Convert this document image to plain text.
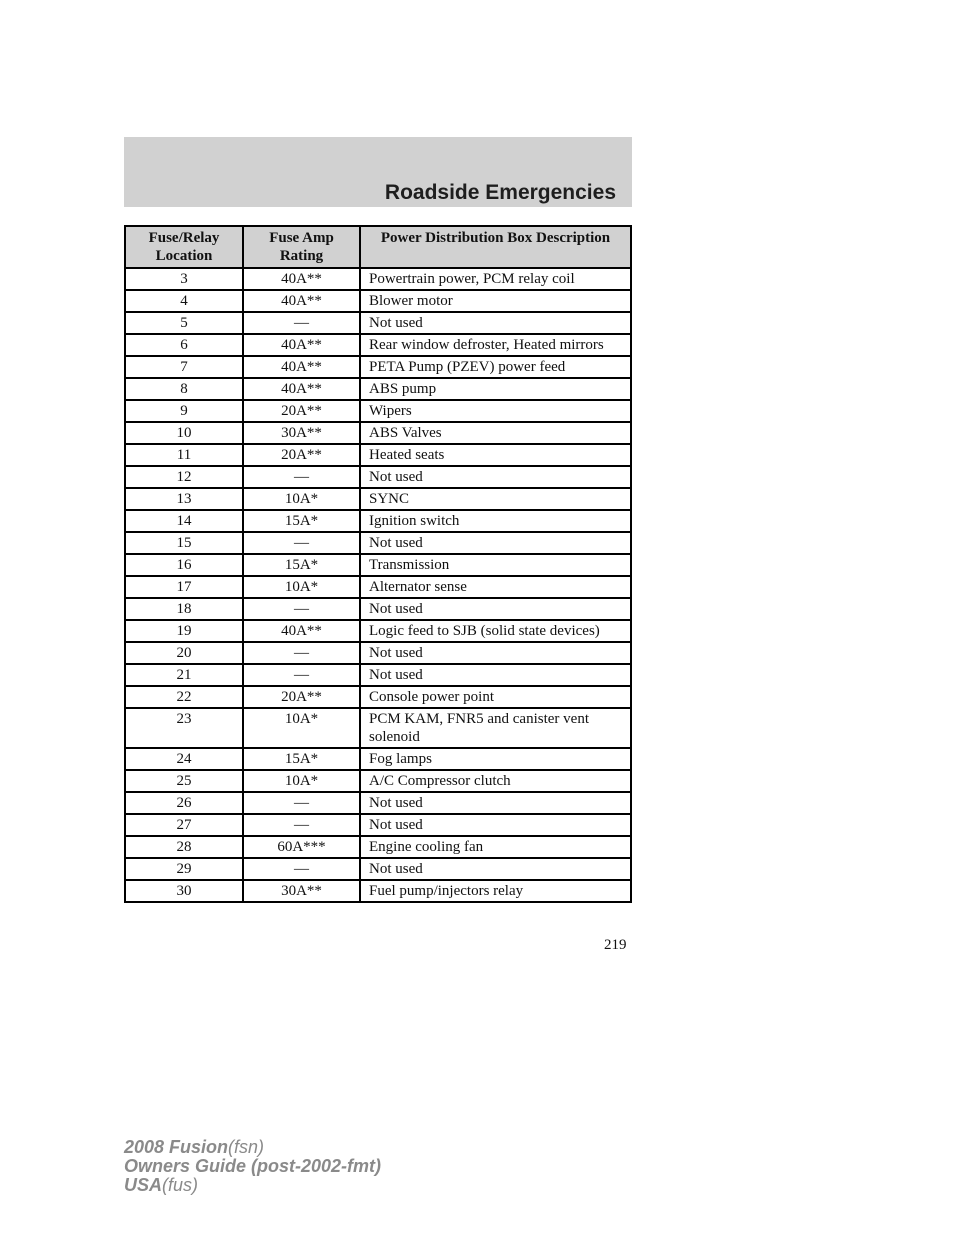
Roadside Emergencies
Fuse/Relay Location	Fuse Amp Rating	Power Distribution Box Description
3	40A**	Powertrain power, PCM relay coil
4	40A**	Blower motor
5	—	Not used
6	40A**	Rear window defroster, Heated mirrors
7	40A**	PETA Pump (PZEV) power feed
8	40A**	ABS pump
9	20A**	Wipers
10	30A**	ABS Valves
11	20A**	Heated seats
12	—	Not used
13	10A*	SYNC
14	15A*	Ignition switch
15	—	Not used
16	15A*	Transmission
17	10A*	Alternator sense
18	—	Not used
19	40A**	Logic feed to SJB (solid state devices)
20	—	Not used
21	—	Not used
22	20A**	Console power point
23	10A*	PCM KAM, FNR5 and canister vent solenoid
24	15A*	Fog lamps
25	10A*	A/C Compressor clutch
26	—	Not used
27	—	Not used
28	60A***	Engine cooling fan
29	—	Not used
30	30A**	Fuel pump/injectors relay
219
2008 Fusion(fsn)
Owners Guide (post-2002-fmt)
USA(fus)
